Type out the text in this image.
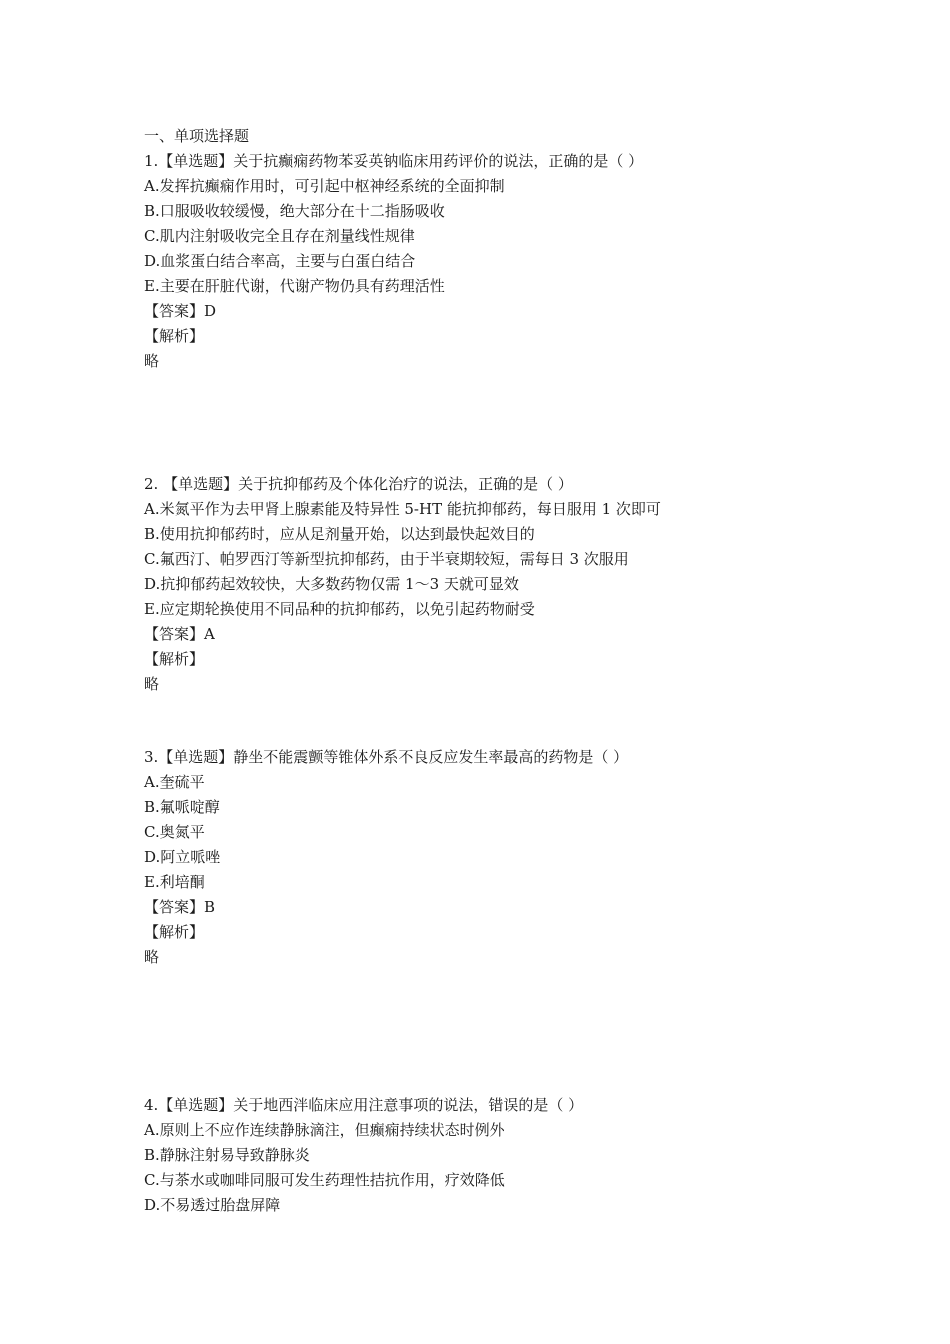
一、单项选择题
1.【单选题】关于抗癫痫药物苯妥英钠临床用药评价的说法，正确的是（ ）
A.发挥抗癫痫作用时，可引起中枢神经系统的全面抑制
B.口服吸收较缓慢，绝大部分在十二指肠吸收
C.肌内注射吸收完全且存在剂量线性规律
D.血浆蛋白结合率高，主要与白蛋白结合
E.主要在肝脏代谢，代谢产物仍具有药理活性
【答案】D
【解析】
略
2. 【单选题】关于抗抑郁药及个体化治疗的说法，正确的是（ ）
A.米氮平作为去甲肾上腺素能及特异性 5-HT 能抗抑郁药，每日服用 1 次即可
B.使用抗抑郁药时，应从足剂量开始，以达到最快起效目的
C.氟西汀、帕罗西汀等新型抗抑郁药，由于半衰期较短，需每日 3 次服用
D.抗抑郁药起效较快，大多数药物仅需 1～3 天就可显效
E.应定期轮换使用不同品种的抗抑郁药，以免引起药物耐受
【答案】A
【解析】
略
3.【单选题】静坐不能震颤等锥体外系不良反应发生率最高的药物是（ ）
A.奎硫平
B.氟哌啶醇
C.奥氮平
D.阿立哌唑
E.利培酮
【答案】B
【解析】
略
4.【单选题】关于地西泮临床应用注意事项的说法，错误的是（ ）
A.原则上不应作连续静脉滴注，但癫痫持续状态时例外
B.静脉注射易导致静脉炎
C.与茶水或咖啡同服可发生药理性拮抗作用，疗效降低
D.不易透过胎盘屏障
